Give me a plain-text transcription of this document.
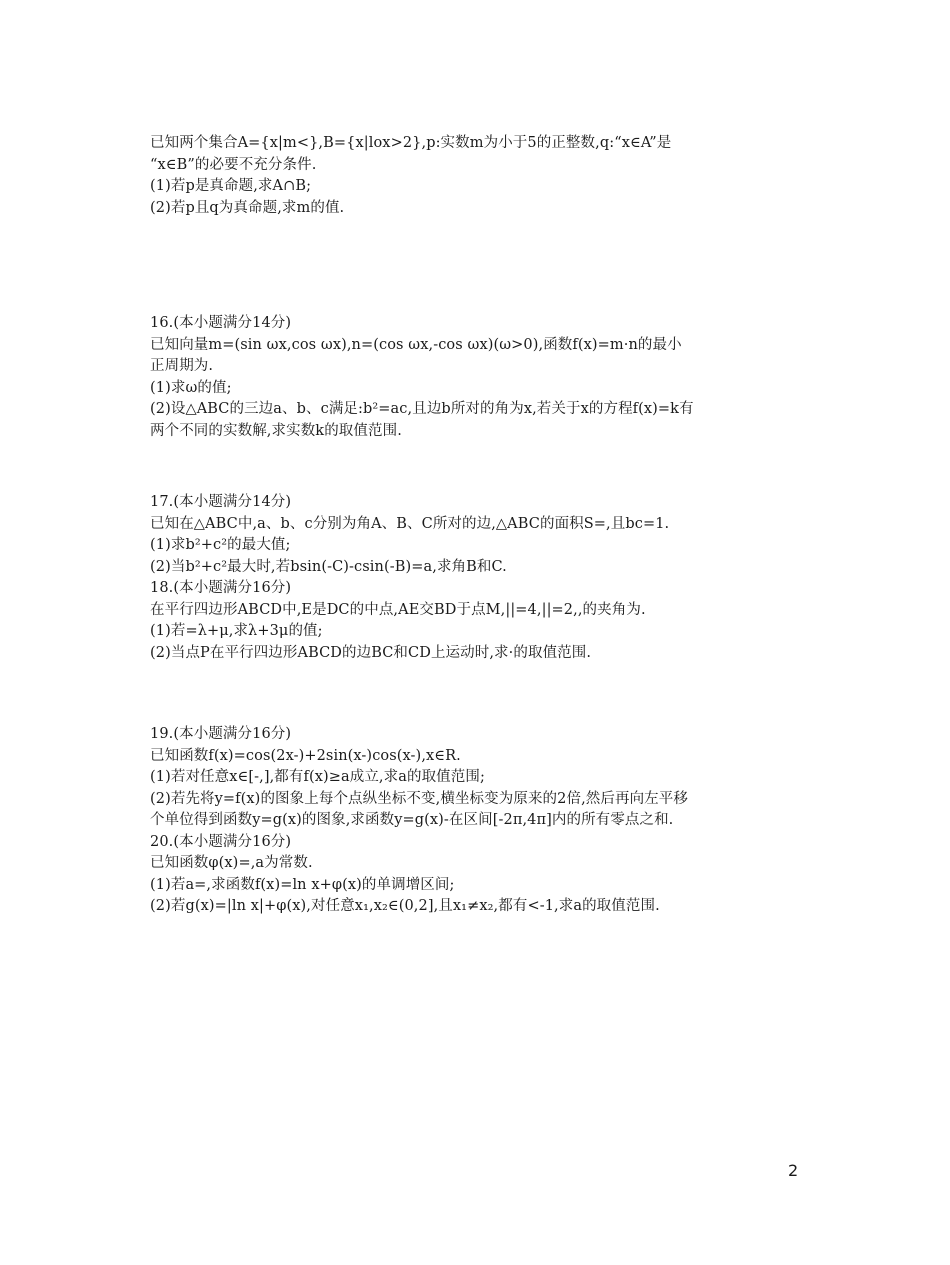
已知两个集合A={x|m<},B={x|lox>2},p:实数m为小于5的正整数,q:“x∈A”是
“x∈B”的必要不充分条件.
(1)若p是真命题,求A∩B;
(2)若p且q为真命题,求m的值.
16.(本小题满分14分)
已知向量m=(sin ωx,cos ωx),n=(cos ωx,-cos ωx)(ω>0),函数f(x)=m·n的最小
正周期为.
(1)求ω的值;
(2)设△ABC的三边a、b、c满足:b²=ac,且边b所对的角为x,若关于x的方程f(x)=k有
两个不同的实数解,求实数k的取值范围.
17.(本小题满分14分)
已知在△ABC中,a、b、c分别为角A、B、C所对的边,△ABC的面积S=,且bc=1.
(1)求b²+c²的最大值;
(2)当b²+c²最大时,若bsin(-C)-csin(-B)=a,求角B和C.
18.(本小题满分16分)
在平行四边形ABCD中,E是DC的中点,AE交BD于点M,||=4,||=2,,的夹角为.
(1)若=λ+μ,求λ+3μ的值;
(2)当点P在平行四边形ABCD的边BC和CD上运动时,求·的取值范围.
19.(本小题满分16分)
已知函数f(x)=cos(2x-)+2sin(x-)cos(x-),x∈R.
(1)若对任意x∈[-,],都有f(x)≥a成立,求a的取值范围;
(2)若先将y=f(x)的图象上每个点纵坐标不变,横坐标变为原来的2倍,然后再向左平移
个单位得到函数y=g(x)的图象,求函数y=g(x)-在区间[-2π,4π]内的所有零点之和.
20.(本小题满分16分)
已知函数φ(x)=,a为常数.
(1)若a=,求函数f(x)=ln x+φ(x)的单调增区间;
(2)若g(x)=|ln x|+φ(x),对任意x₁,x₂∈(0,2],且x₁≠x₂,都有<-1,求a的取值范围.
2
